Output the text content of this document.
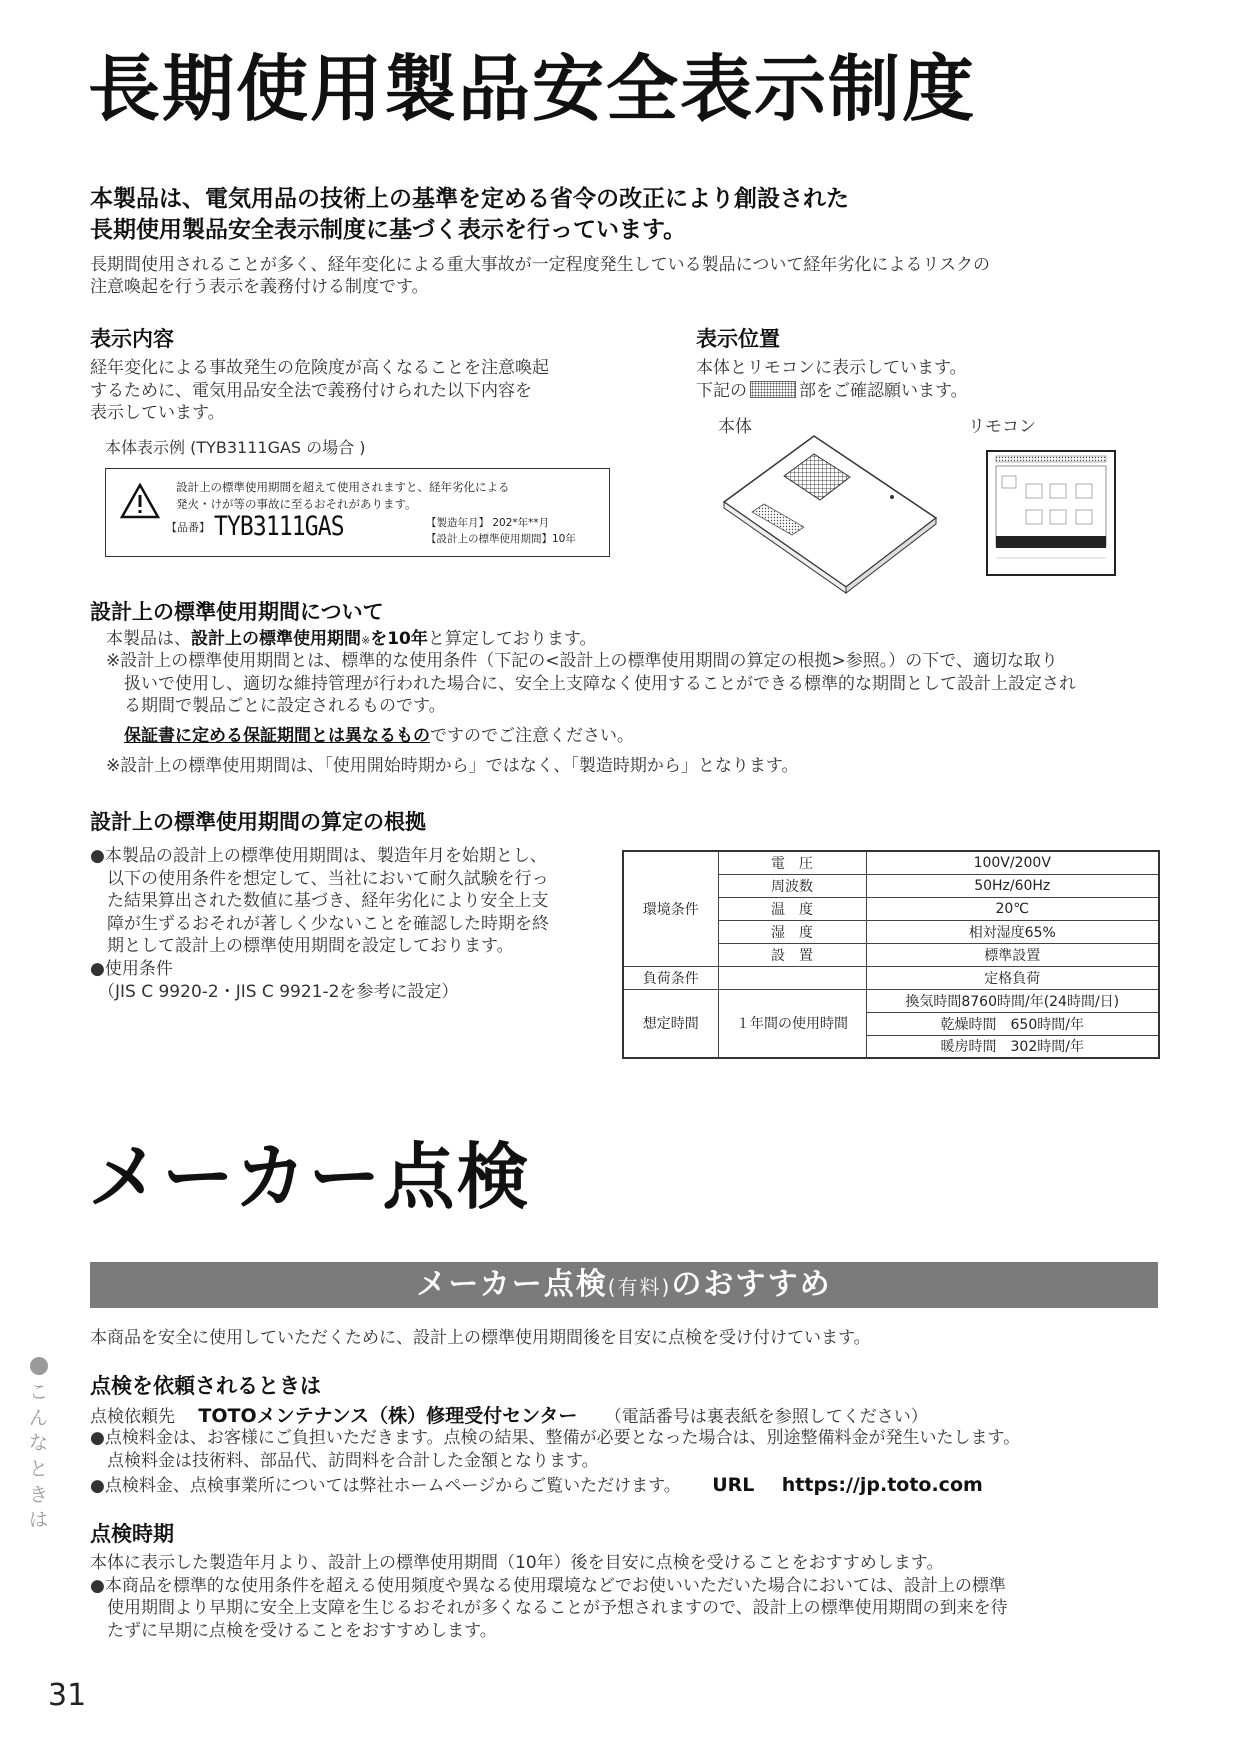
長期使用製品安全表示制度
本製品は、電気用品の技術上の基準を定める省令の改正により創設された
長期使用製品安全表示制度に基づく表示を行っています。
長期間使用されることが多く、経年変化による重大事故が一定程度発生している製品について経年劣化によるリスクの
注意喚起を行う表示を義務付ける制度です。
表示内容
経年変化による事故発生の危険度が高くなることを注意喚起
するために、電気用品安全法で義務付けられた以下内容を
表示しています。
本体表示例 (TYB3111GAS の場合 )
設計上の標準使用期間を超えて使用されますと、経年劣化による
発火・けが等の事故に至るおそれがあります。
【品番】 TYB3111GAS	【製造年月】 202*年**月
【設計上の標準使用期間】10年
表示位置
本体とリモコンに表示しています。
下記の	部をご確認願います。
本体	リモコン
設計上の標準使用期間について
本製品は、設計上の標準使用期間※を10年と算定しております。
※設計上の標準使用期間とは、標準的な使用条件（下記の<設計上の標準使用期間の算定の根拠>参照。）の下で、適切な取り
扱いで使用し、適切な維持管理が行われた場合に、安全上支障なく使用することができる標準的な期間として設計上設定され
る期間で製品ごとに設定されるものです。
保証書に定める保証期間とは異なるものですのでご注意ください。
※設計上の標準使用期間は、「使用開始時期から」ではなく、「製造時期から」となります。
設計上の標準使用期間の算定の根拠
●本製品の設計上の標準使用期間は、製造年月を始期とし、
以下の使用条件を想定して、当社において耐久試験を行っ
た結果算出された数値に基づき、経年劣化により安全上支
障が生ずるおそれが著しく少ないことを確認した時期を終
期として設計上の標準使用期間を設定しております。
●使用条件
（JIS C 9920-2・JIS C 9921-2を参考に設定）
環境条件	電　圧	100V/200V
	周波数	50Hz/60Hz
	温　度	20℃
	湿　度	相対湿度65%
	設　置	標準設置
負荷条件		定格負荷
想定時間	１年間の使用時間	換気時間8760時間/年(24時間/日)
		乾燥時間　650時間/年
		暖房時間　302時間/年
メーカー点検
メーカー点検(有料)のおすすめ
本商品を安全に使用していただくために、設計上の標準使用期間後を目安に点検を受け付けています。
点検を依頼されるときは
点検依頼先 TOTOメンテナンス（株）修理受付センター （電話番号は裏表紙を参照してください）
●点検料金は、お客様にご負担いただきます。点検の結果、整備が必要となった場合は、別途整備料金が発生いたします。
点検料金は技術料、部品代、訪問料を合計した金額となります。
●点検料金、点検事業所については弊社ホームページからご覧いただけます。 URL https://jp.toto.com
点検時期
本体に表示した製造年月より、設計上の標準使用期間（10年）後を目安に点検を受けることをおすすめします。
●本商品を標準的な使用条件を超える使用頻度や異なる使用環境などでお使いいただいた場合においては、設計上の標準
使用期間より早期に安全上支障を生じるおそれが多くなることが予想されますので、設計上の標準使用期間の到来を待
たずに早期に点検を受けることをおすすめします。
こんなときは
31
